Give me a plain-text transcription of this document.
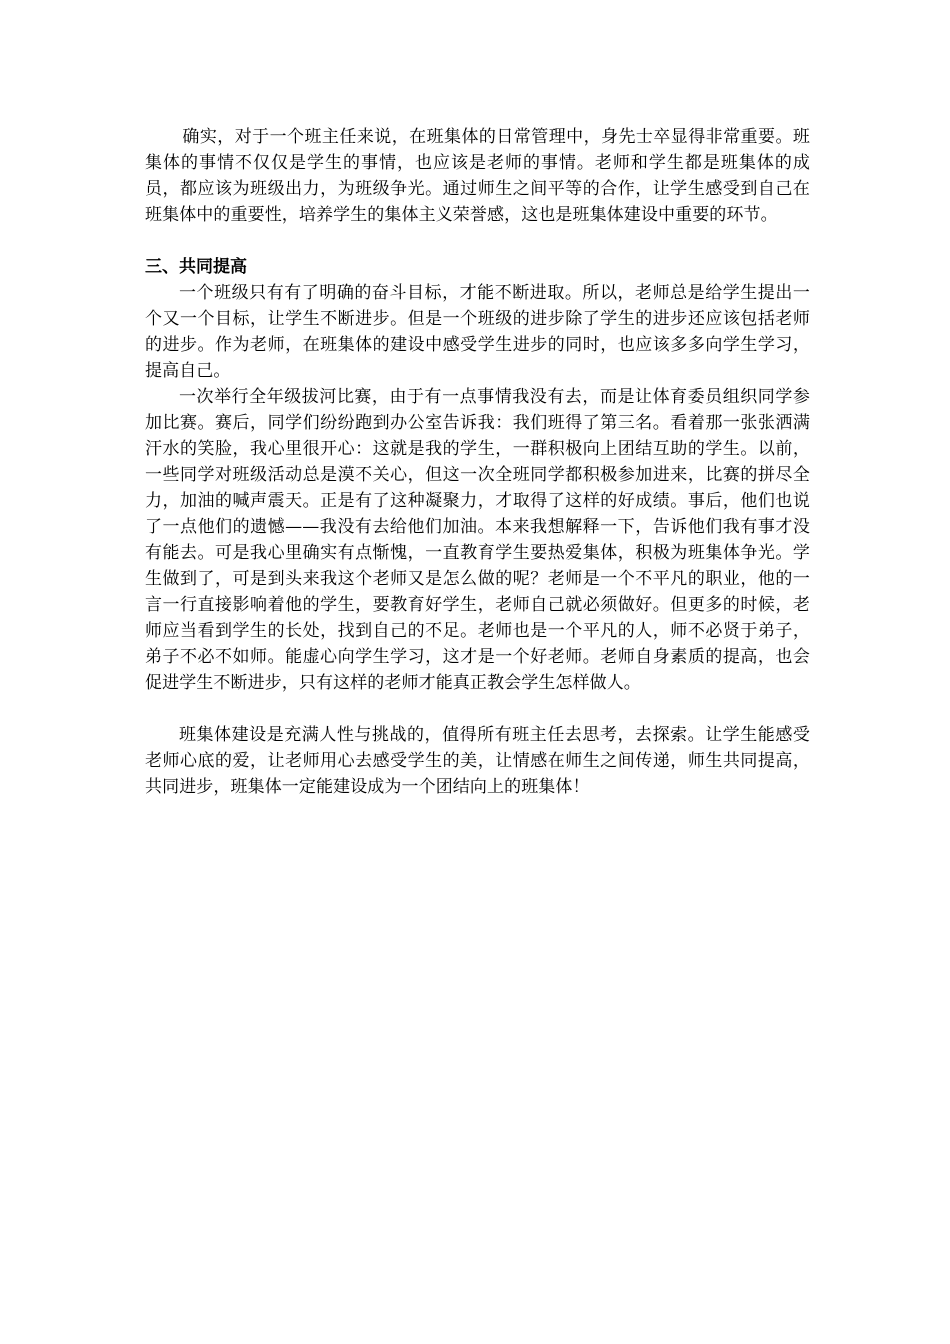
确实，对于一个班主任来说，在班集体的日常管理中，身先士卒显得非常重要。班集体的事情不仅仅是学生的事情，也应该是老师的事情。老师和学生都是班集体的成员，都应该为班级出力，为班级争光。通过师生之间平等的合作，让学生感受到自己在班集体中的重要性，培养学生的集体主义荣誉感，这也是班集体建设中重要的环节。

三、共同提高

一个班级只有有了明确的奋斗目标，才能不断进取。所以，老师总是给学生提出一个又一个目标，让学生不断进步。但是一个班级的进步除了学生的进步还应该包括老师的进步。作为老师，在班集体的建设中感受学生进步的同时，也应该多多向学生学习，提高自己。

一次举行全年级拔河比赛，由于有一点事情我没有去，而是让体育委员组织同学参加比赛。赛后，同学们纷纷跑到办公室告诉我：我们班得了第三名。看着那一张张洒满汗水的笑脸，我心里很开心：这就是我的学生，一群积极向上团结互助的学生。以前，一些同学对班级活动总是漠不关心，但这一次全班同学都积极参加进来，比赛的拼尽全力，加油的喊声震天。正是有了这种凝聚力，才取得了这样的好成绩。事后，他们也说了一点他们的遗憾——我没有去给他们加油。本来我想解释一下，告诉他们我有事才没有能去。可是我心里确实有点惭愧，一直教育学生要热爱集体，积极为班集体争光。学生做到了，可是到头来我这个老师又是怎么做的呢？老师是一个不平凡的职业，他的一言一行直接影响着他的学生，要教育好学生，老师自己就必须做好。但更多的时候，老师应当看到学生的长处，找到自己的不足。老师也是一个平凡的人，师不必贤于弟子，弟子不必不如师。能虚心向学生学习，这才是一个好老师。老师自身素质的提高，也会促进学生不断进步，只有这样的老师才能真正教会学生怎样做人。

班集体建设是充满人性与挑战的，值得所有班主任去思考，去探索。让学生能感受老师心底的爱，让老师用心去感受学生的美，让情感在师生之间传递，师生共同提高，共同进步，班集体一定能建设成为一个团结向上的班集体！
